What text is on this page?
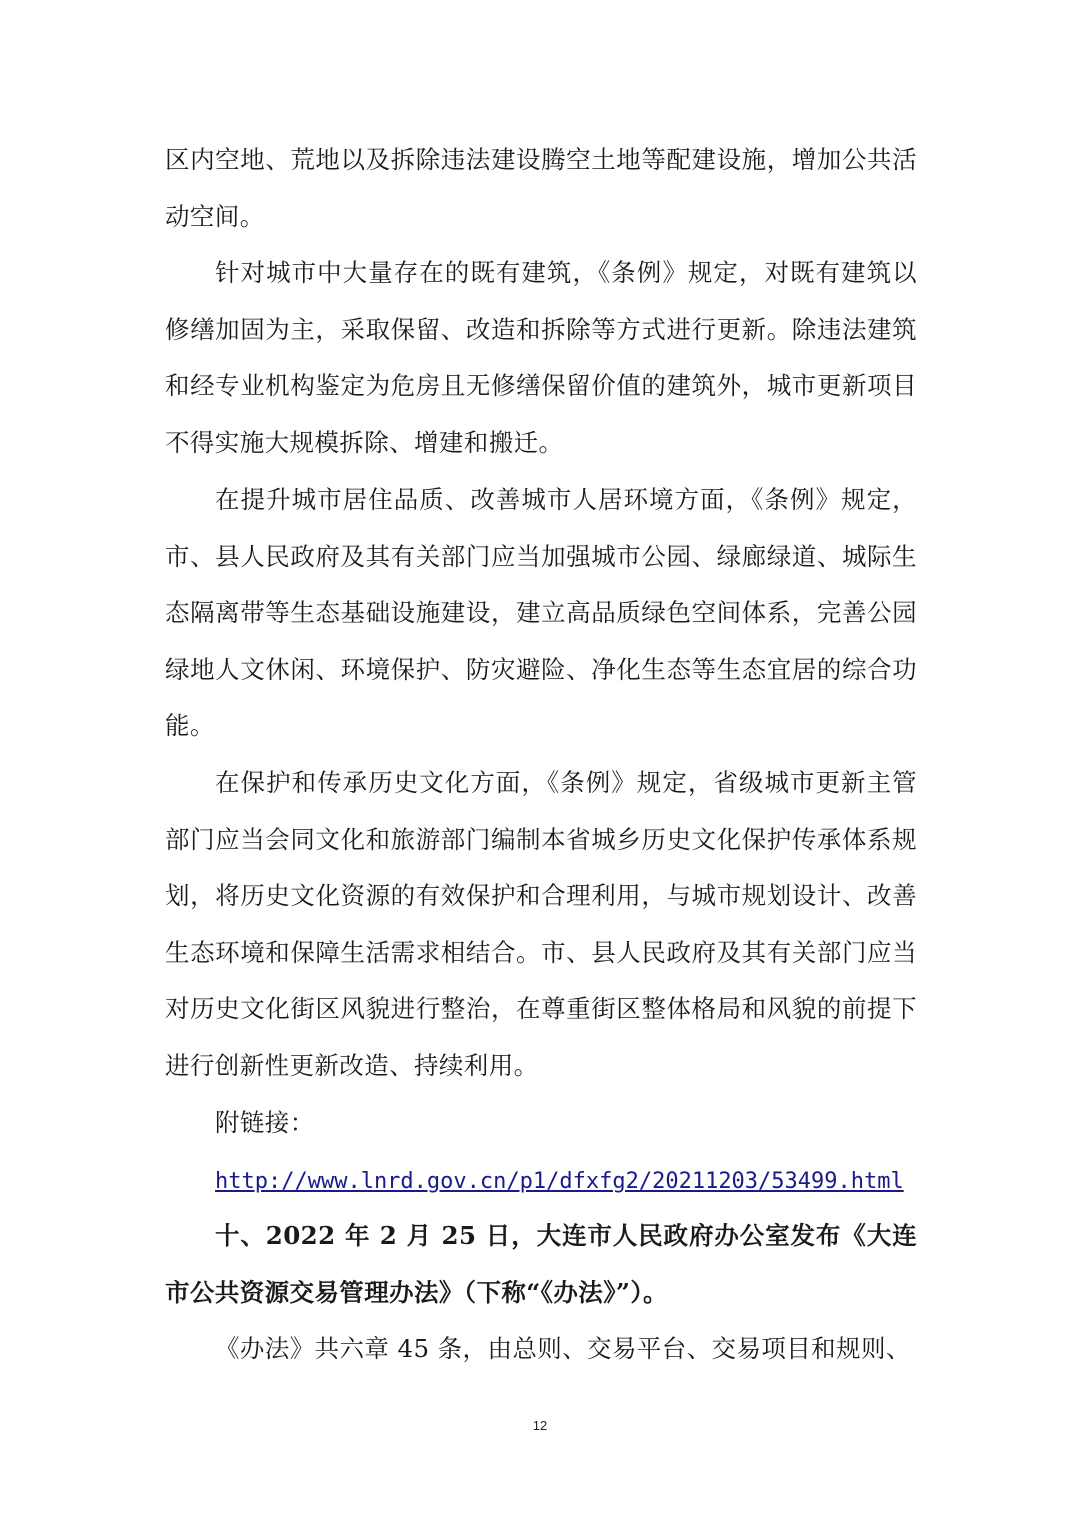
区内空地、荒地以及拆除违法建设腾空土地等配建设施，增加公共活动空间。

针对城市中大量存在的既有建筑，《条例》规定，对既有建筑以修缮加固为主，采取保留、改造和拆除等方式进行更新。除违法建筑和经专业机构鉴定为危房且无修缮保留价值的建筑外，城市更新项目不得实施大规模拆除、增建和搬迁。

在提升城市居住品质、改善城市人居环境方面，《条例》规定，市、县人民政府及其有关部门应当加强城市公园、绿廊绿道、城际生态隔离带等生态基础设施建设，建立高品质绿色空间体系，完善公园绿地人文休闲、环境保护、防灾避险、净化生态等生态宜居的综合功能。

在保护和传承历史文化方面，《条例》规定，省级城市更新主管部门应当会同文化和旅游部门编制本省城乡历史文化保护传承体系规划，将历史文化资源的有效保护和合理利用，与城市规划设计、改善生态环境和保障生活需求相结合。市、县人民政府及其有关部门应当对历史文化街区风貌进行整治，在尊重街区整体格局和风貌的前提下进行创新性更新改造、持续利用。

附链接：

http://www.lnrd.gov.cn/p1/dfxfg2/20211203/53499.html

十、2022 年 2 月 25 日，大连市人民政府办公室发布《大连市公共资源交易管理办法》（下称“《办法》”）。

《办法》共六章 45 条，由总则、交易平台、交易项目和规则、

12
